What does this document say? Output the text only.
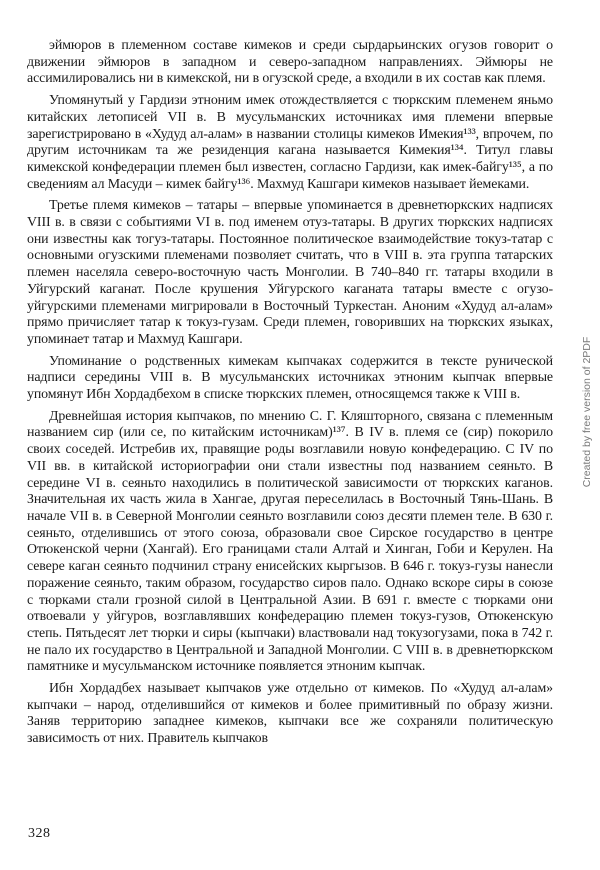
эймюров в племенном составе кимеков и среди сырдарьинских огузов говорит о движении эймюров в западном и северо-западном направлениях. Эймюры не ассимилировались ни в кимекской, ни в огузской среде, а входили в их состав как племя.

Упомянутый у Гардизи этноним имек отождествляется с тюркским племенем яньмо китайских летописей VII в. В мусульманских источниках имя племени впервые зарегистрировано в «Худуд ал-алам» в названии столицы кимеков Имекия¹³³, впрочем, по другим источникам та же резиденция кагана называется Кимекия¹³⁴. Титул главы кимекской конфедерации племен был известен, согласно Гардизи, как имек-байгу¹³⁵, а по сведениям ал Масуди – кимек байгу¹³⁶. Махмуд Кашгари кимеков называет йемеками.

Третье племя кимеков – татары – впервые упоминается в древнетюркских надписях VIII в. в связи с событиями VI в. под именем отуз-татары. В других тюркских надписях они известны как тогуз-татары. Постоянное политическое взаимодействие токуз-татар с основными огузскими племенами позволяет считать, что в VIII в. эта группа татарских племен населяла северо-восточную часть Монголии. В 740–840 гг. татары входили в Уйгурский каганат. После крушения Уйгурского каганата татары вместе с огузо-уйгурскими племенами мигрировали в Восточный Туркестан. Аноним «Худуд ал-алам» прямо причисляет татар к токуз-гузам. Среди племен, говоривших на тюркских языках, упоминает татар и Махмуд Кашгари.

Упоминание о родственных кимекам кыпчаках содержится в тексте рунической надписи середины VIII в. В мусульманских источниках этноним кыпчак впервые упомянут Ибн Хордадбехом в списке тюркских племен, относящемся также к VIII в.

Древнейшая история кыпчаков, по мнению С. Г. Кляшторного, связана с племенным названием сир (или се, по китайским источникам)¹³⁷. В IV в. племя се (сир) покорило своих соседей. Истребив их, правящие роды возглавили новую конфедерацию. С IV по VII вв. в китайской историографии они стали известны под названием сеяньто. В середине VI в. сеяньто находились в политической зависимости от тюркских каганов. Значительная их часть жила в Хангае, другая переселилась в Восточный Тянь-Шань. В начале VII в. в Северной Монголии сеяньто возглавили союз десяти племен теле. В 630 г. сеяньто, отделившись от этого союза, образовали свое Сирское государство в центре Отюкенской черни (Хангай). Его границами стали Алтай и Хинган, Гоби и Керулен. На севере каган сеяньто подчинил страну енисейских кыргызов. В 646 г. токуз-гузы нанесли поражение сеяньто, таким образом, государство сиров пало. Однако вскоре сиры в союзе с тюрками стали грозной силой в Центральной Азии. В 691 г. вместе с тюрками они отвоевали у уйгуров, возглавлявших конфедерацию племен токуз-гузов, Отюкенскую степь. Пятьдесят лет тюрки и сиры (кыпчаки) властвовали над токузогузами, пока в 742 г. не пало их государство в Центральной и Западной Монголии. С VIII в. в древнетюркском памятнике и мусульманском источнике появляется этноним кыпчак.

Ибн Хордадбех называет кыпчаков уже отдельно от кимеков. По «Худуд ал-алам» кыпчаки – народ, отделившийся от кимеков и более примитивный по образу жизни. Заняв территорию западнее кимеков, кыпчаки все же сохраняли политическую зависимость от них. Правитель кыпчаков

328
Created by free version of 2PDF
